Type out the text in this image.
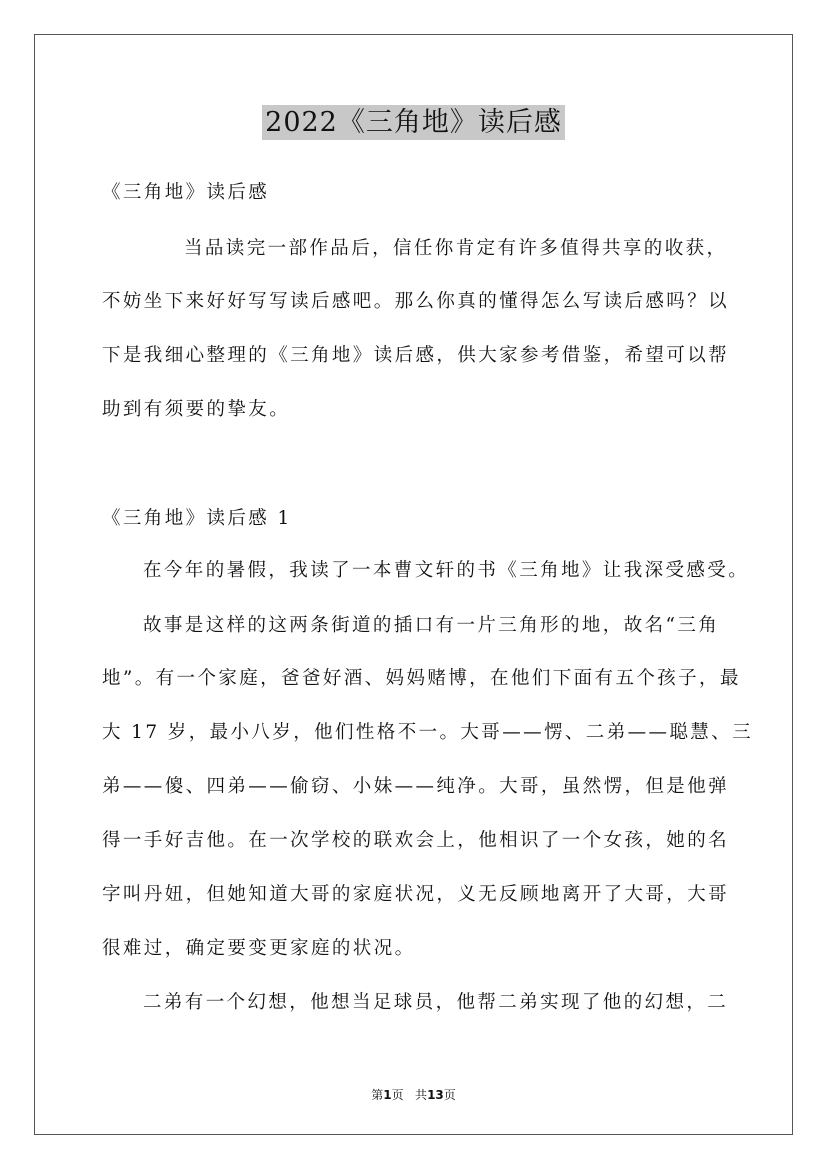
2022《三角地》读后感
《三角地》读后感
当品读完一部作品后，信任你肯定有许多值得共享的收获，
不妨坐下来好好写写读后感吧。那么你真的懂得怎么写读后感吗？以
下是我细心整理的《三角地》读后感，供大家参考借鉴，希望可以帮
助到有须要的挚友。
《三角地》读后感 1
在今年的暑假，我读了一本曹文轩的书《三角地》让我深受感受。
故事是这样的这两条街道的插口有一片三角形的地，故名“三角
地”。有一个家庭，爸爸好酒、妈妈赌博，在他们下面有五个孩子，最
大 17 岁，最小八岁，他们性格不一。大哥——愣、二弟——聪慧、三
弟——傻、四弟——偷窃、小妹——纯净。大哥，虽然愣，但是他弹
得一手好吉他。在一次学校的联欢会上，他相识了一个女孩，她的名
字叫丹妞，但她知道大哥的家庭状况，义无反顾地离开了大哥，大哥
很难过，确定要变更家庭的状况。
二弟有一个幻想，他想当足球员，他帮二弟实现了他的幻想，二
第1页 共13页
